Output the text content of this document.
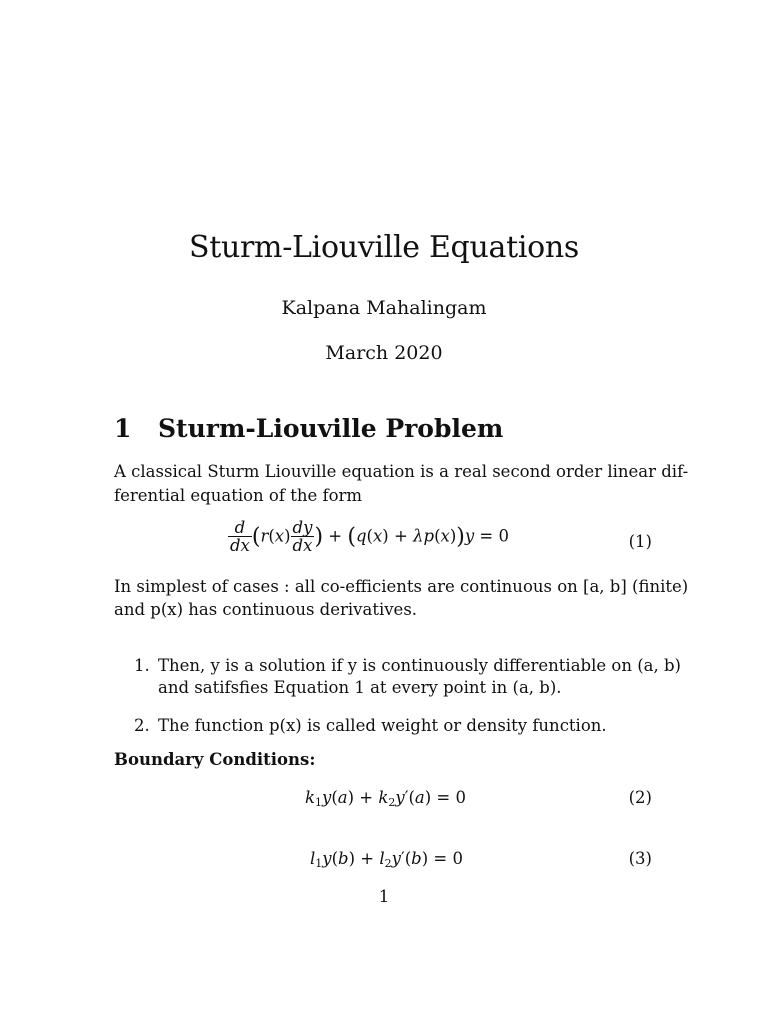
Sturm-Liouville Equations
Kalpana Mahalingam
March 2020
1 Sturm-Liouville Problem
A classical Sturm Liouville equation is a real second order linear dif-
ferential equation of the form
$\frac{d}{dx} (r(x) \frac{dy}{dx}$ ) + (q(x) + λp(x))y = 0	(1)
In simplest of cases : all co-efficients are continuous on [a, b] (finite)
and p(x) has continuous derivatives.
1. Then, y is a solution if y is continuously differentiable on (a, b)
and satifsfies Equation 1 at every point in (a, b).
2. The function p(x) is called weight or density function.
Boundary Conditions:
$k_1y(a) + k_2y'(a) = 0$	(2)
$l_1y(b) + l_2y'(b) = 0$	(3)
1
